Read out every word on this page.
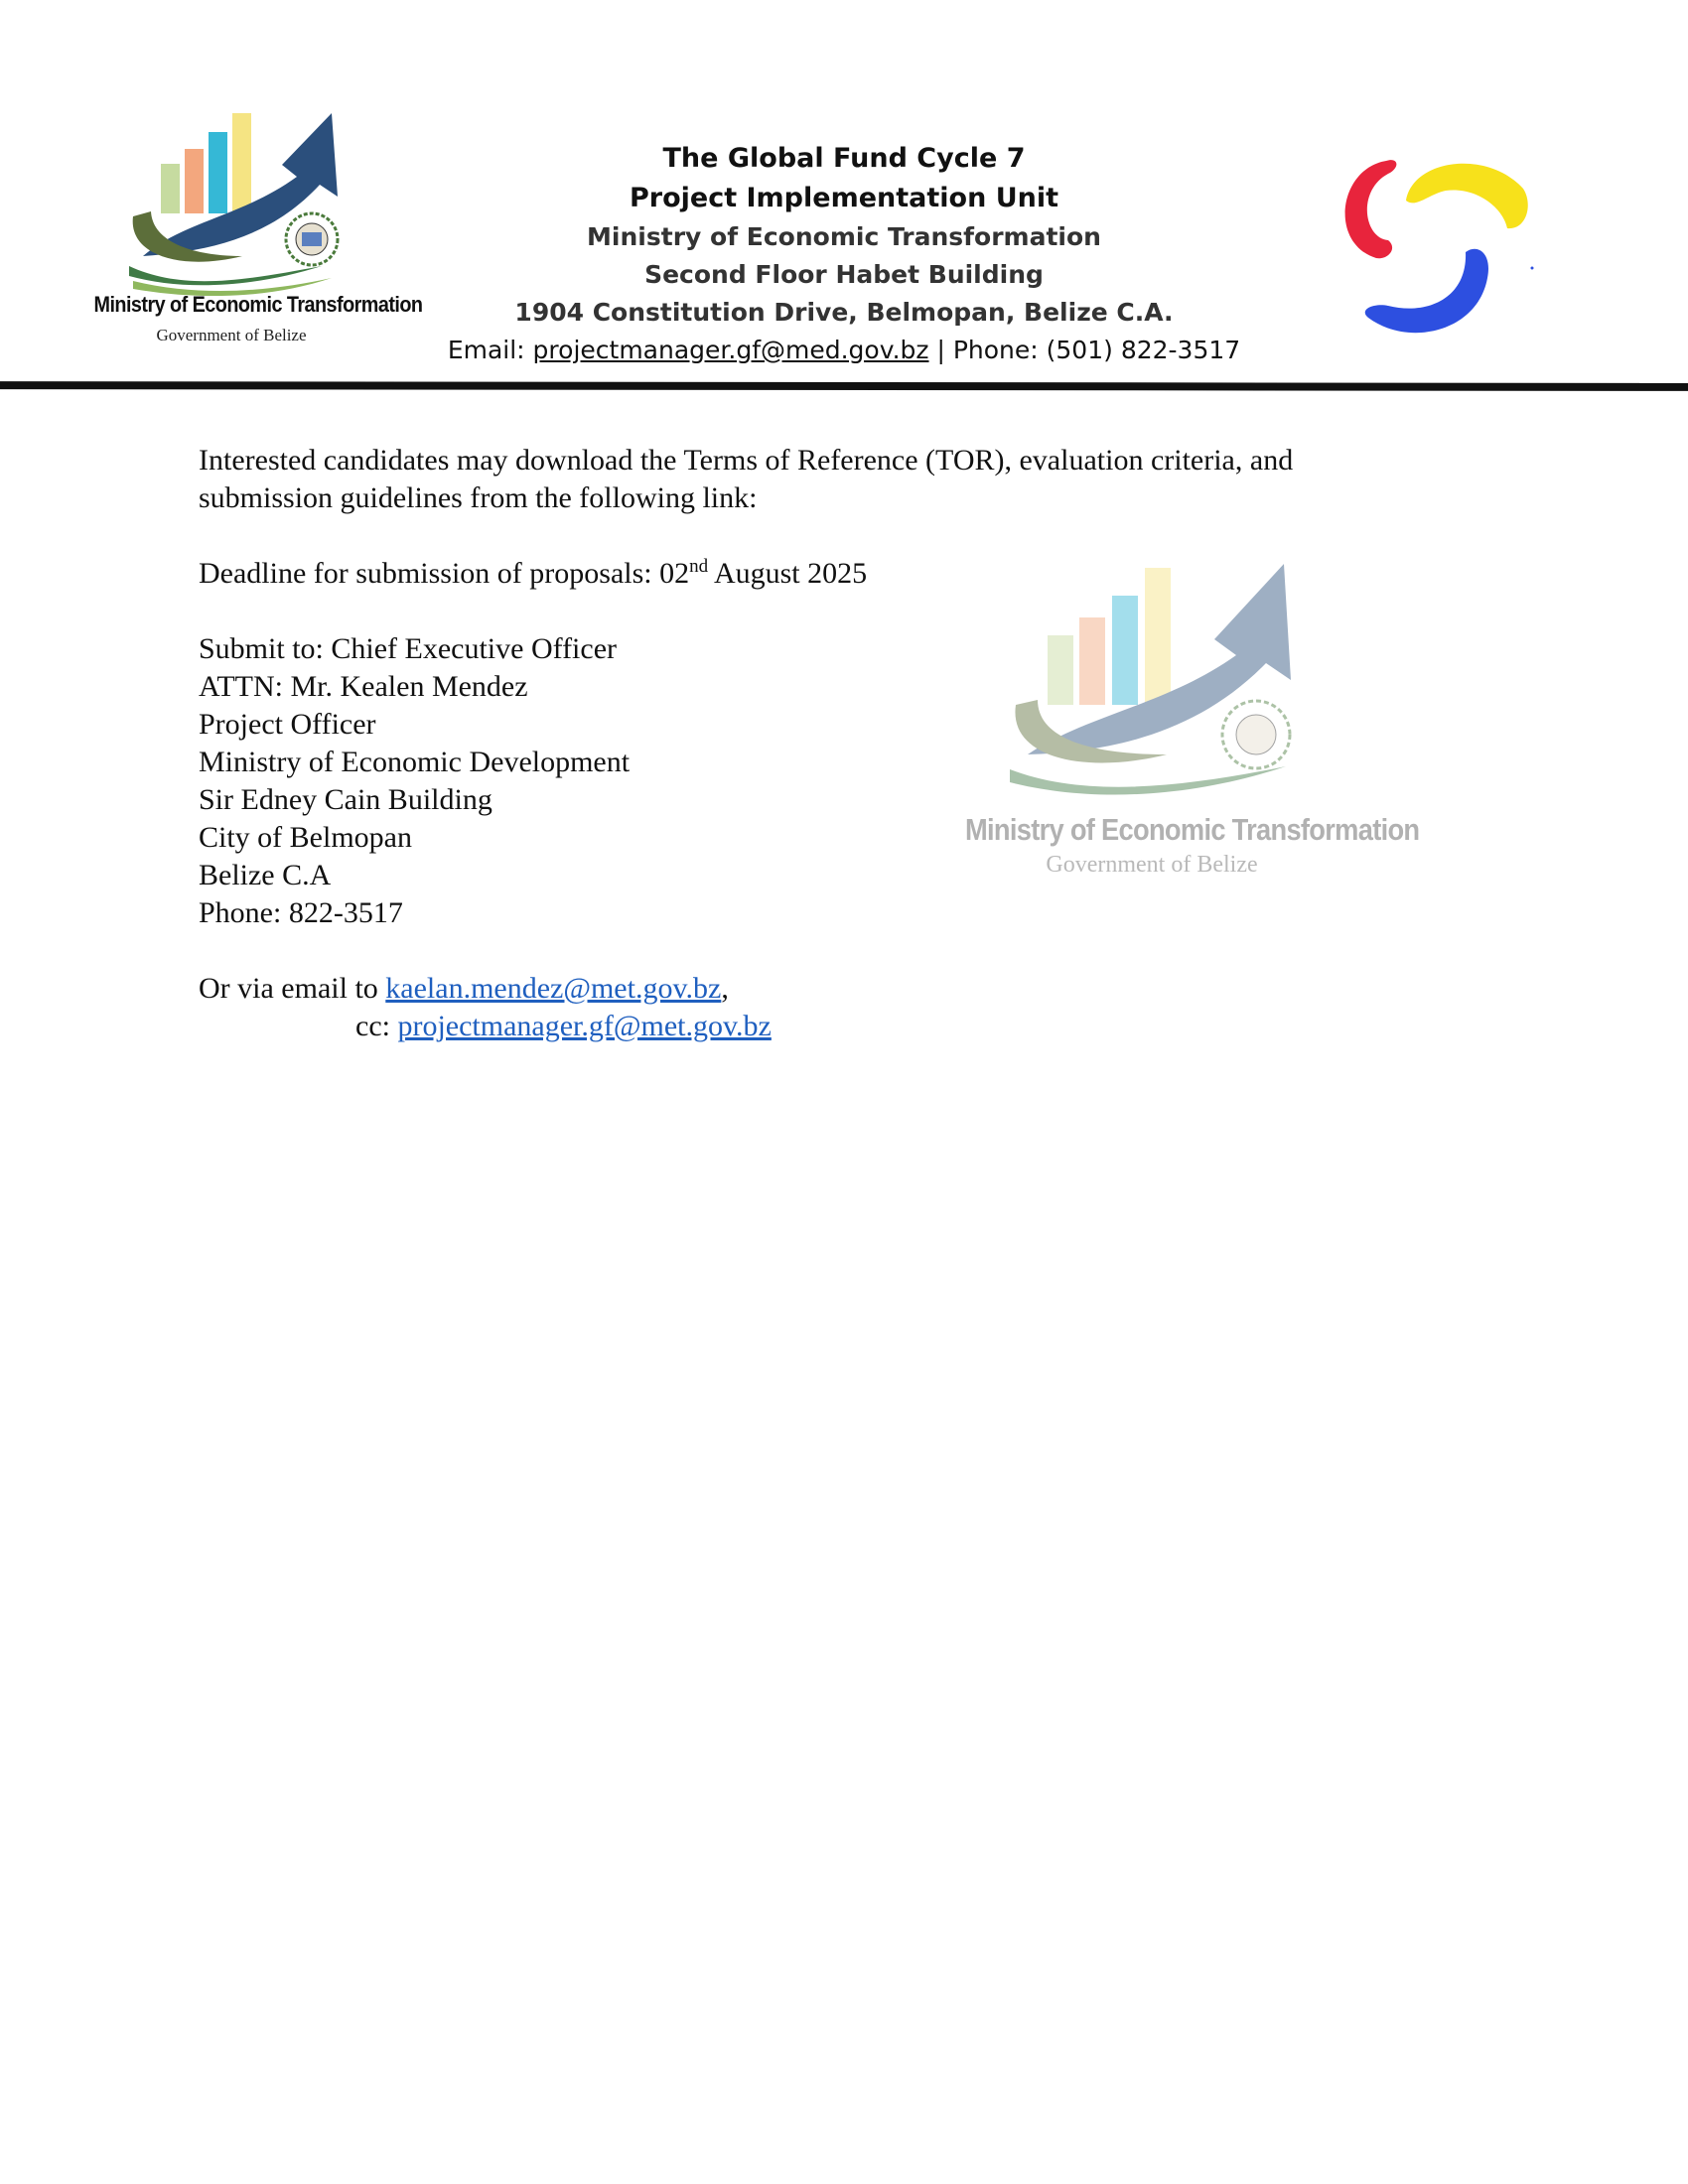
Ministry of Economic Transformation
Government of Belize
The Global Fund Cycle 7
Project Implementation Unit
Ministry of Economic Transformation
Second Floor Habet Building
1904 Constitution Drive, Belmopan, Belize C.A.
Email: projectmanager.gf@med.gov.bz | Phone: (501) 822-3517
Ministry of Economic Transformation
Government of Belize

Interested candidates may download the Terms of Reference (TOR), evaluation criteria, and

submission guidelines from the following link:

Deadline for submission of proposals: 02nd August 2025

Submit to: Chief Executive Officer

ATTN: Mr. Kealen Mendez

Project Officer

Ministry of Economic Development

Sir Edney Cain Building

City of Belmopan

Belize C.A

Phone: 822-3517

Or via email to kaelan.mendez@met.gov.bz,

cc: projectmanager.gf@met.gov.bz
